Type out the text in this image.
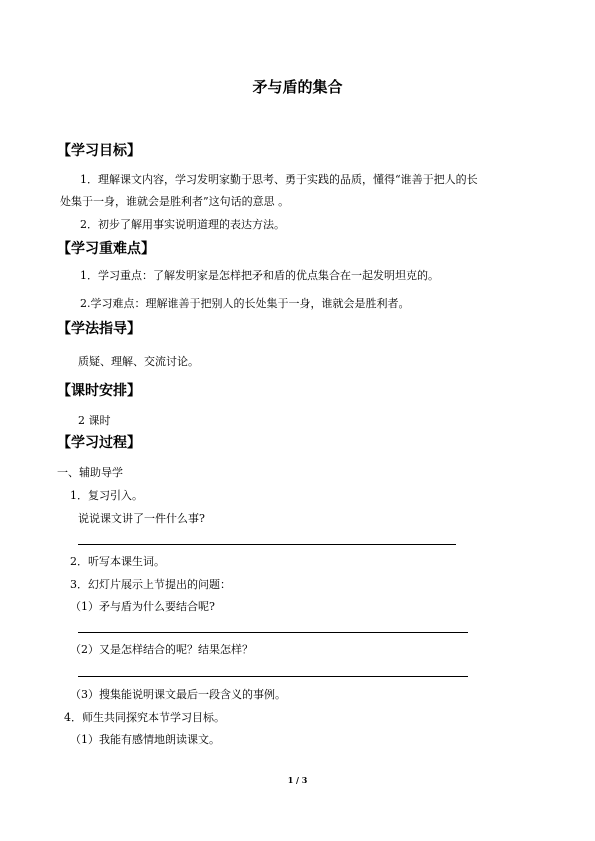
矛与盾的集合
【学习目标】
1．理解课文内容，学习发明家勤于思考、勇于实践的品质，懂得“谁善于把人的长
处集于一身，谁就会是胜利者”这句话的意思 。
2．初步了解用事实说明道理的表达方法。
【学习重难点】
1．学习重点：了解发明家是怎样把矛和盾的优点集合在一起发明坦克的。
2.学习难点：理解谁善于把别人的长处集于一身，谁就会是胜利者。
【学法指导】
质疑、理解、交流讨论。
【课时安排】
2 课时
【学习过程】
一、辅助导学
1．复习引入。
说说课文讲了一件什么事?
2．听写本课生词。
3．幻灯片展示上节提出的问题：
（1）矛与盾为什么要结合呢?
（2）又是怎样结合的呢？结果怎样？
（3）搜集能说明课文最后一段含义的事例。
4．师生共同探究本节学习目标。
（1）我能有感情地朗读课文。
1 / 3
